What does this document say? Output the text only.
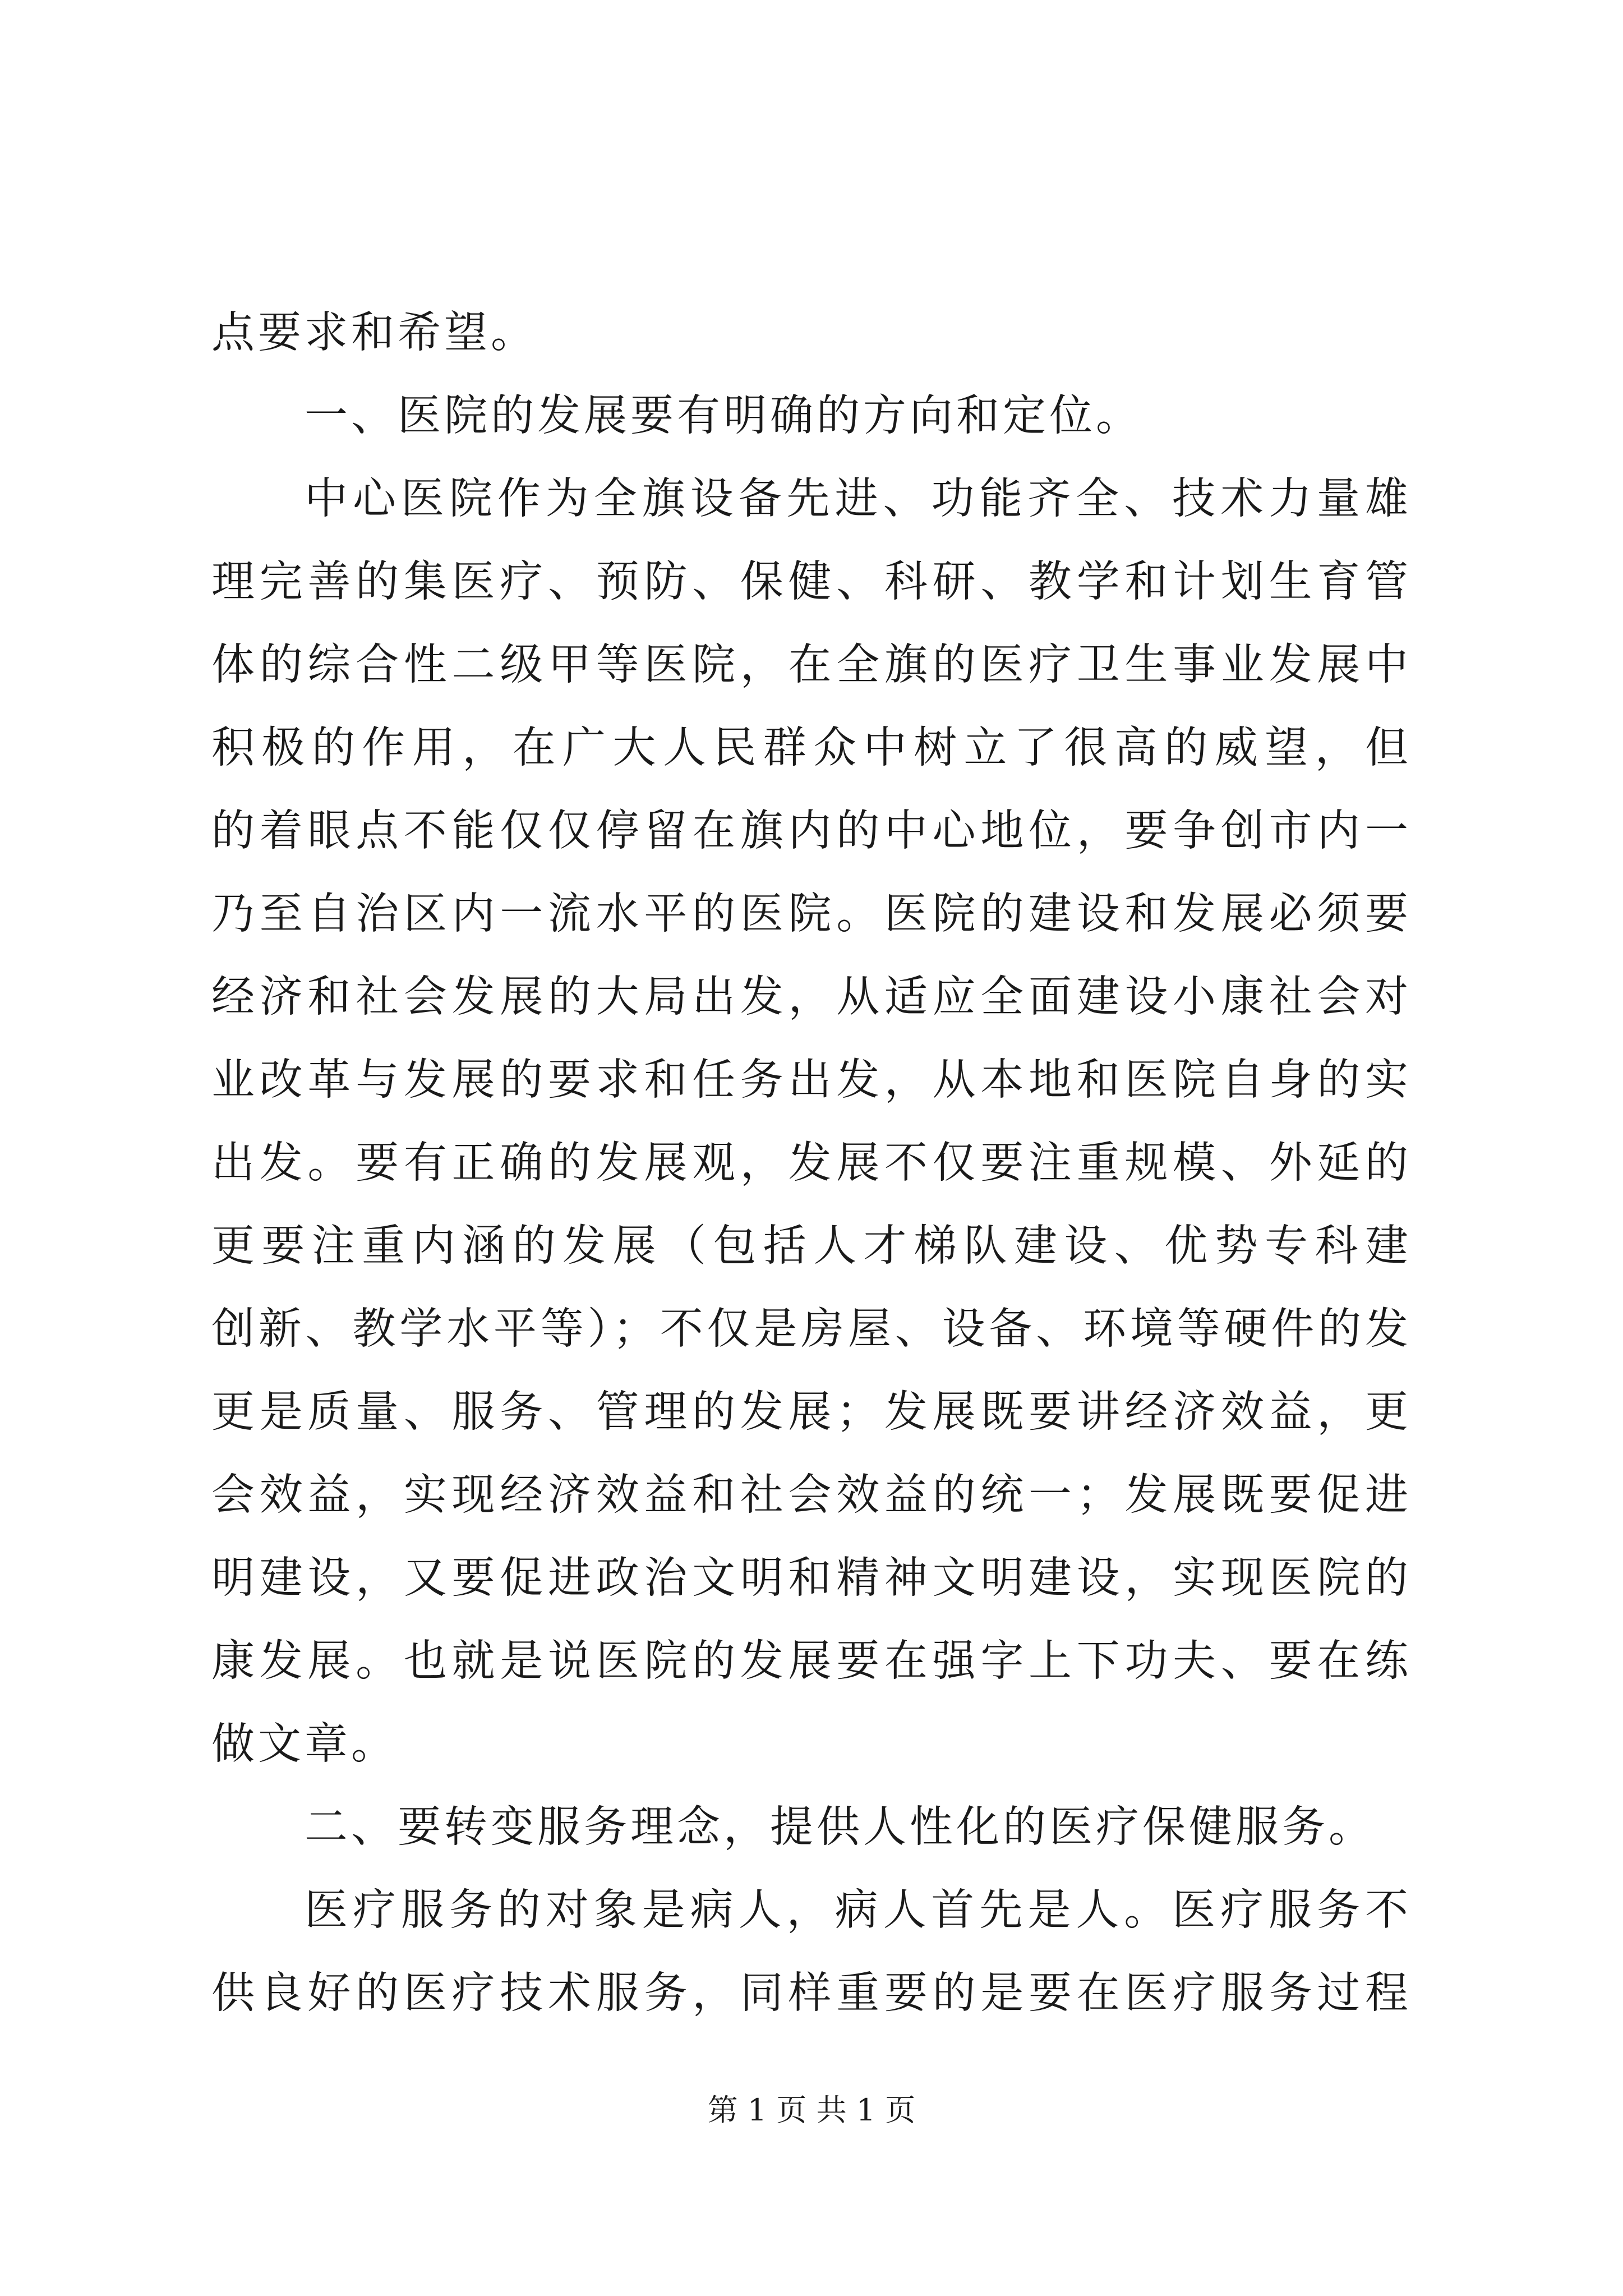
点要求和希望。
一、医院的发展要有明确的方向和定位。
中心医院作为全旗设备先进、功能齐全、技术力量雄
理完善的集医疗、预防、保健、科研、教学和计划生育管
体的综合性二级甲等医院，在全旗的医疗卫生事业发展中
积极的作用，在广大人民群众中树立了很高的威望，但
的着眼点不能仅仅停留在旗内的中心地位，要争创市内一
乃至自治区内一流水平的医院。医院的建设和发展必须要
经济和社会发展的大局出发，从适应全面建设小康社会对
业改革与发展的要求和任务出发，从本地和医院自身的实
出发。要有正确的发展观，发展不仅要注重规模、外延的
更要注重内涵的发展（包括人才梯队建设、优势专科建
创新、教学水平等）；不仅是房屋、设备、环境等硬件的发
更是质量、服务、管理的发展；发展既要讲经济效益，更
会效益，实现经济效益和社会效益的统一；发展既要促进
明建设，又要促进政治文明和精神文明建设，实现医院的
康发展。也就是说医院的发展要在强字上下功夫、要在练
做文章。
二、要转变服务理念，提供人性化的医疗保健服务。
医疗服务的对象是病人，病人首先是人。医疗服务不
供良好的医疗技术服务，同样重要的是要在医疗服务过程
第 1 页 共 1 页
